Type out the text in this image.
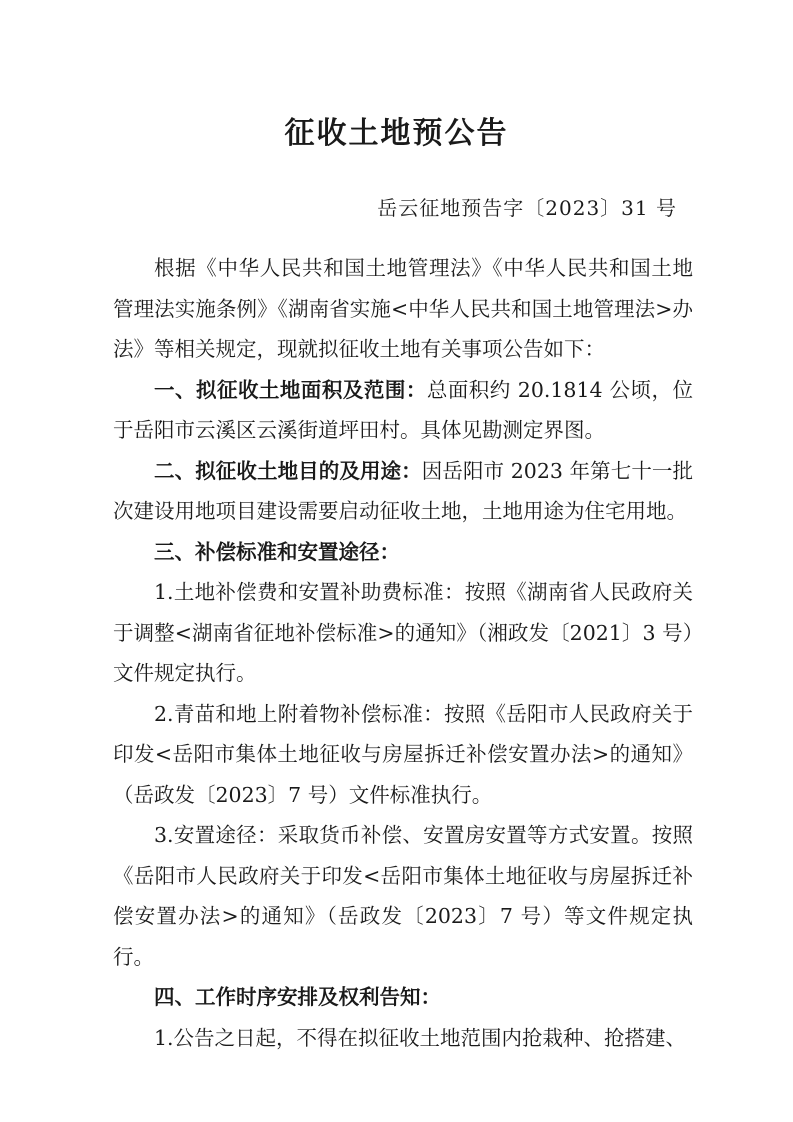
征收土地预公告
岳云征地预告字〔2023〕31 号

根据《中华人民共和国土地管理法》《中华人民共和国土地管理法实施条例》《湖南省实施<中华人民共和国土地管理法>办法》等相关规定，现就拟征收土地有关事项公告如下：

一、拟征收土地面积及范围：总面积约 20.1814 公顷，位于岳阳市云溪区云溪街道坪田村。具体见勘测定界图。

二、拟征收土地目的及用途：因岳阳市 2023 年第七十一批次建设用地项目建设需要启动征收土地，土地用途为住宅用地。

三、补偿标准和安置途径：

1.土地补偿费和安置补助费标准：按照《湖南省人民政府关于调整<湖南省征地补偿标准>的通知》（湘政发〔2021〕3 号）文件规定执行。

2.青苗和地上附着物补偿标准：按照《岳阳市人民政府关于印发<岳阳市集体土地征收与房屋拆迁补偿安置办法>的通知》（岳政发〔2023〕7 号）文件标准执行。

3.安置途径：采取货币补偿、安置房安置等方式安置。按照《岳阳市人民政府关于印发<岳阳市集体土地征收与房屋拆迁补偿安置办法>的通知》（岳政发〔2023〕7 号）等文件规定执行。

四、工作时序安排及权利告知：

1.公告之日起，不得在拟征收土地范围内抢栽种、抢搭建、
